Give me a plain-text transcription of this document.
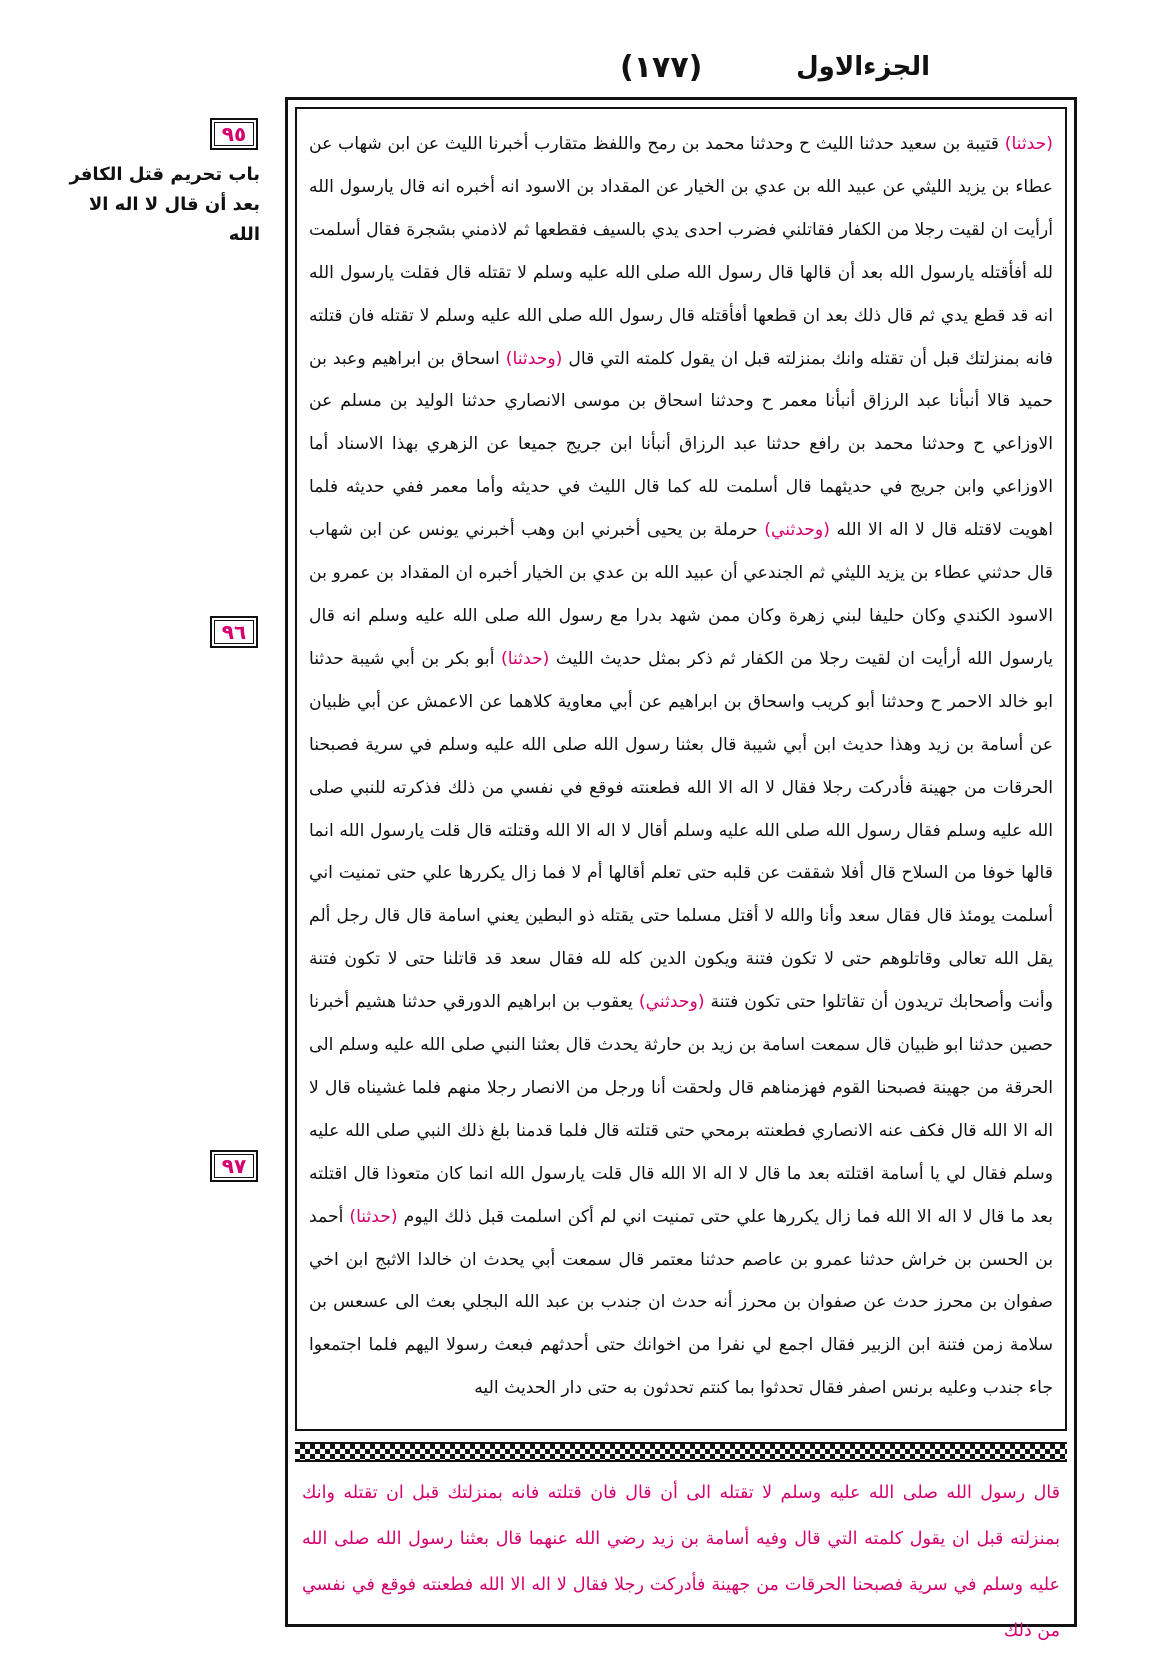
الجزءالاول
(١٧٧)
٩٥
باب تحريم قتل الكافر
بعد أن قال لا اله الا الله
٩٦
٩٧

(حدثنا) قتيبة بن سعيد حدثنا الليث ح وحدثنا محمد بن رمح واللفظ متقارب أخبرنا الليث عن ابن شهاب عن عطاء بن يزيد الليثي عن عبيد الله بن عدي بن الخيار عن المقداد بن الاسود انه أخبره انه قال يارسول الله أرأيت ان لقيت رجلا من الكفار فقاتلني فضرب احدى يدي بالسيف فقطعها ثم لاذمني بشجرة فقال أسلمت لله أفأقتله يارسول الله بعد أن قالها قال رسول الله صلى الله عليه وسلم لا تقتله قال فقلت يارسول الله انه قد قطع يدي ثم قال ذلك بعد ان قطعها أفأقتله قال رسول الله صلى الله عليه وسلم لا تقتله فان قتلته فانه بمنزلتك قبل أن تقتله وانك بمنزلته قبل ان يقول كلمته التي قال (وحدثنا) اسحاق بن ابراهيم وعبد بن حميد قالا أنبأنا عبد الرزاق أنبأنا معمر ح وحدثنا اسحاق بن موسى الانصاري حدثنا الوليد بن مسلم عن الاوزاعي ح وحدثنا محمد بن رافع حدثنا عبد الرزاق أنبأنا ابن جريج جميعا عن الزهري بهذا الاسناد أما الاوزاعي وابن جريج في حديثهما قال أسلمت لله كما قال الليث في حديثه وأما معمر ففي حديثه فلما اهويت لاقتله قال لا اله الا الله (وحدثني) حرملة بن يحيى أخبرني ابن وهب أخبرني يونس عن ابن شهاب قال حدثني عطاء بن يزيد الليثي ثم الجندعي أن عبيد الله بن عدي بن الخيار أخبره ان المقداد بن عمرو بن الاسود الكندي وكان حليفا لبني زهرة وكان ممن شهد بدرا مع رسول الله صلى الله عليه وسلم انه قال يارسول الله أرأيت ان لقيت رجلا من الكفار ثم ذكر بمثل حديث الليث (حدثنا) أبو بكر بن أبي شيبة حدثنا ابو خالد الاحمر ح وحدثنا أبو كريب واسحاق بن ابراهيم عن أبي معاوية كلاهما عن الاعمش عن أبي ظبيان عن أسامة بن زيد وهذا حديث ابن أبي شيبة قال بعثنا رسول الله صلى الله عليه وسلم في سرية فصبحنا الحرقات من جهينة فأدركت رجلا فقال لا اله الا الله فطعنته فوقع في نفسي من ذلك فذكرته للنبي صلى الله عليه وسلم فقال رسول الله صلى الله عليه وسلم أقال لا اله الا الله وقتلته قال قلت يارسول الله انما قالها خوفا من السلاح قال أفلا شققت عن قلبه حتى تعلم أقالها أم لا فما زال يكررها علي حتى تمنيت اني أسلمت يومئذ قال فقال سعد وأنا والله لا أقتل مسلما حتى يقتله ذو البطين يعني اسامة قال قال رجل ألم يقل الله تعالى وقاتلوهم حتى لا تكون فتنة ويكون الدين كله لله فقال سعد قد قاتلنا حتى لا تكون فتنة وأنت وأصحابك تريدون أن تقاتلوا حتى تكون فتنة (وحدثني) يعقوب بن ابراهيم الدورقي حدثنا هشيم أخبرنا حصين حدثنا ابو ظبيان قال سمعت اسامة بن زيد بن حارثة يحدث قال بعثنا النبي صلى الله عليه وسلم الى الحرقة من جهينة فصبحنا القوم فهزمناهم قال ولحقت أنا ورجل من الانصار رجلا منهم فلما غشيناه قال لا اله الا الله قال فكف عنه الانصاري فطعنته برمحي حتى قتلته قال فلما قدمنا بلغ ذلك النبي صلى الله عليه وسلم فقال لي يا أسامة اقتلته بعد ما قال لا اله الا الله قال قلت يارسول الله انما كان متعوذا قال اقتلته بعد ما قال لا اله الا الله فما زال يكررها علي حتى تمنيت اني لم أكن اسلمت قبل ذلك اليوم (حدثنا) أحمد بن الحسن بن خراش حدثنا عمرو بن عاصم حدثنا معتمر قال سمعت أبي يحدث ان خالدا الاثبج ابن اخي صفوان بن محرز حدث عن صفوان بن محرز أنه حدث ان جندب بن عبد الله البجلي بعث الى عسعس بن سلامة زمن فتنة ابن الزبير فقال اجمع لي نفرا من اخوانك حتى أحدثهم فبعث رسولا اليهم فلما اجتمعوا جاء جندب وعليه برنس اصفر فقال تحدثوا بما كنتم تحدثون به حتى دار الحديث اليه

قال رسول الله صلى الله عليه وسلم لا تقتله الى أن قال فان قتلته فانه بمنزلتك قبل ان تقتله وانك بمنزلته قبل ان يقول كلمته التي قال وفيه أسامة بن زيد رضي الله عنهما قال بعثنا رسول الله صلى الله عليه وسلم في سرية فصبحنا الحرقات من جهينة فأدركت رجلا فقال لا اله الا الله فطعنته فوقع في نفسي من ذلك
